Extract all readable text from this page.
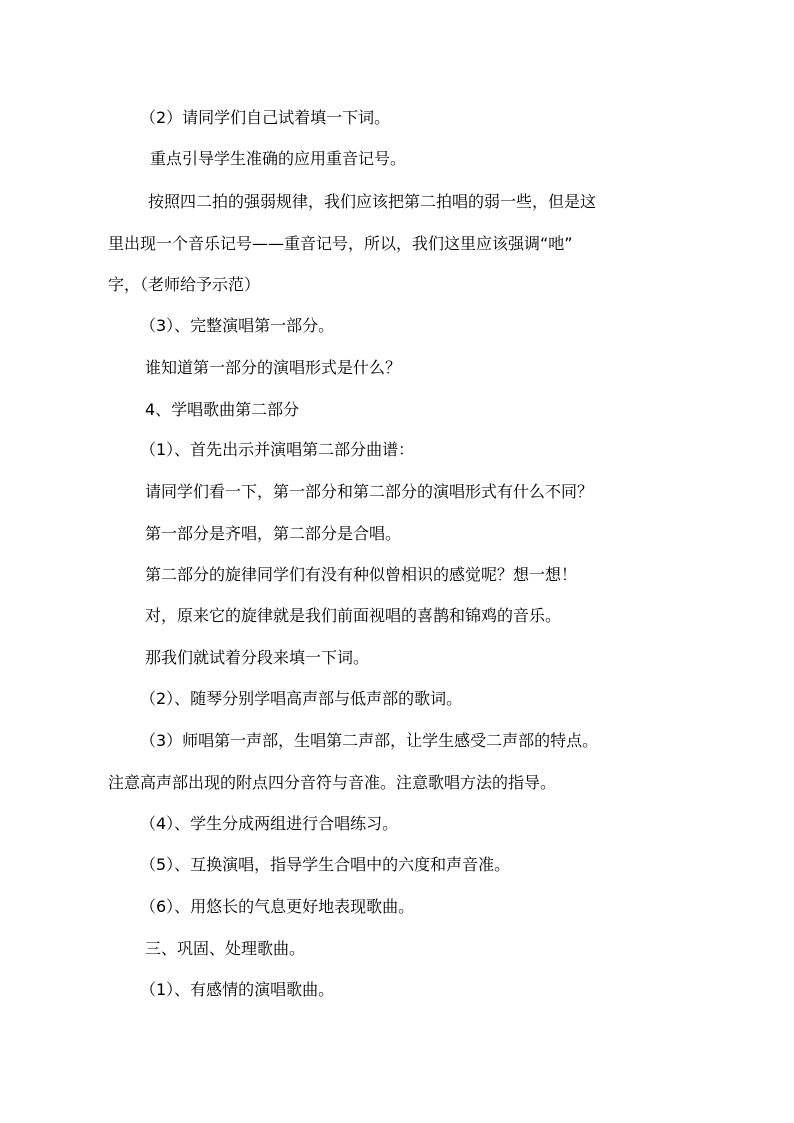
（2）请同学们自己试着填一下词。

重点引导学生准确的应用重音记号。

按照四二拍的强弱规律，我们应该把第二拍唱的弱一些，但是这

里出现一个音乐记号——重音记号，所以，我们这里应该强调“吔”

字，（老师给予示范）

（3）、完整演唱第一部分。

谁知道第一部分的演唱形式是什么？

4、学唱歌曲第二部分

（1）、首先出示并演唱第二部分曲谱：

请同学们看一下，第一部分和第二部分的演唱形式有什么不同？

第一部分是齐唱，第二部分是合唱。

第二部分的旋律同学们有没有种似曾相识的感觉呢？想一想！

对，原来它的旋律就是我们前面视唱的喜鹊和锦鸡的音乐。

那我们就试着分段来填一下词。

（2）、随琴分别学唱高声部与低声部的歌词。

（3）师唱第一声部，生唱第二声部，让学生感受二声部的特点。

注意高声部出现的附点四分音符与音准。注意歌唱方法的指导。

（4）、学生分成两组进行合唱练习。

（5）、互换演唱，指导学生合唱中的六度和声音准。

（6）、用悠长的气息更好地表现歌曲。

三、巩固、处理歌曲。

（1）、有感情的演唱歌曲。
